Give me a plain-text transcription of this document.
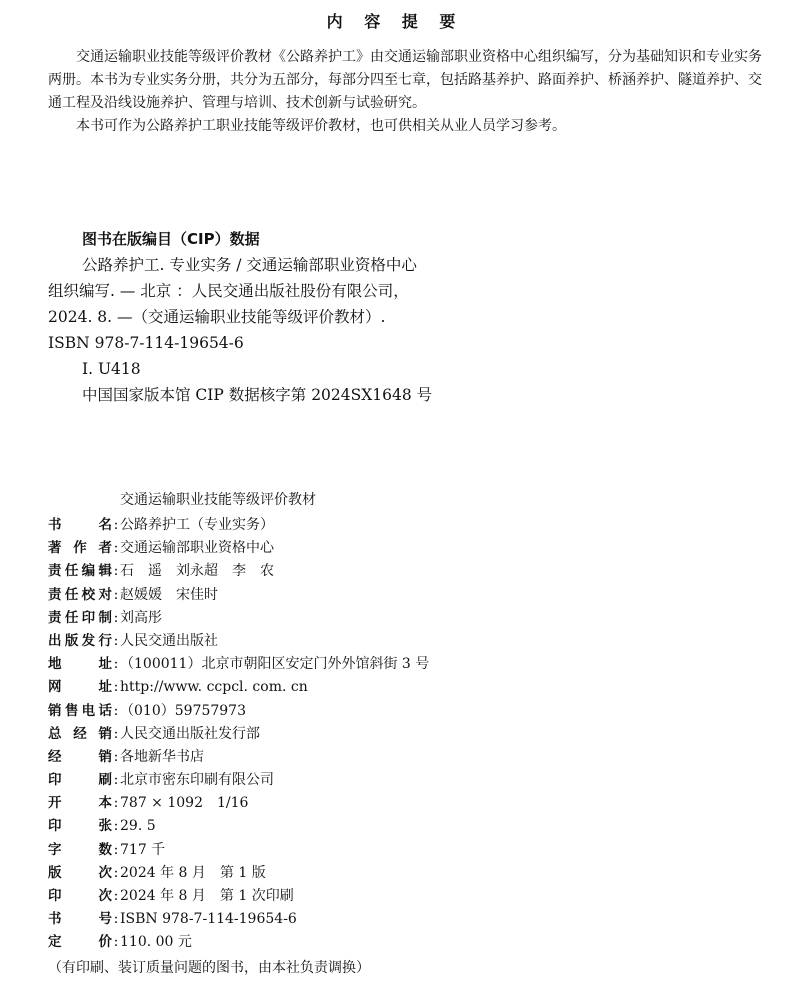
内 容 提 要

交通运输职业技能等级评价教材《公路养护工》由交通运输部职业资格中心组织编写，分为基础知识和专业实务两册。本书为专业实务分册，共分为五部分，每部分四至七章，包括路基养护、路面养护、桥涵养护、隧道养护、交通工程及沿线设施养护、管理与培训、技术创新与试验研究。

本书可作为公路养护工职业技能等级评价教材，也可供相关从业人员学习参考。

图书在版编目（CIP）数据
公路养护工. 专业实务 / 交通运输部职业资格中心
组织编写. — 北京 ：人民交通出版社股份有限公司，
2024. 8. —（交通运输职业技能等级评价教材）.
ISBN 978-7-114-19654-6
Ⅰ. U418
中国国家版本馆 CIP 数据核字第 2024SX1648 号
交通运输职业技能等级评价教材
书名 : 公路养护工（专业实务）
著作者 : 交通运输部职业资格中心
责任编辑 : 石　遥　刘永超　李　农
责任校对 : 赵媛媛　宋佳时
责任印制 : 刘高彤
出版发行 : 人民交通出版社
地址 : （100011）北京市朝阳区安定门外外馆斜街 3 号
网址 : http://www. ccpcl. com. cn
销售电话 : （010）59757973
总经销 : 人民交通出版社发行部
经销 : 各地新华书店
印刷 : 北京市密东印刷有限公司
开本 : 787 × 1092　1/16
印张 : 29. 5
字数 : 717 千
版次 : 2024 年 8 月　第 1 版
印次 : 2024 年 8 月　第 1 次印刷
书号 : ISBN 978-7-114-19654-6
定价 : 110. 00 元
（有印刷、装订质量问题的图书，由本社负责调换）
